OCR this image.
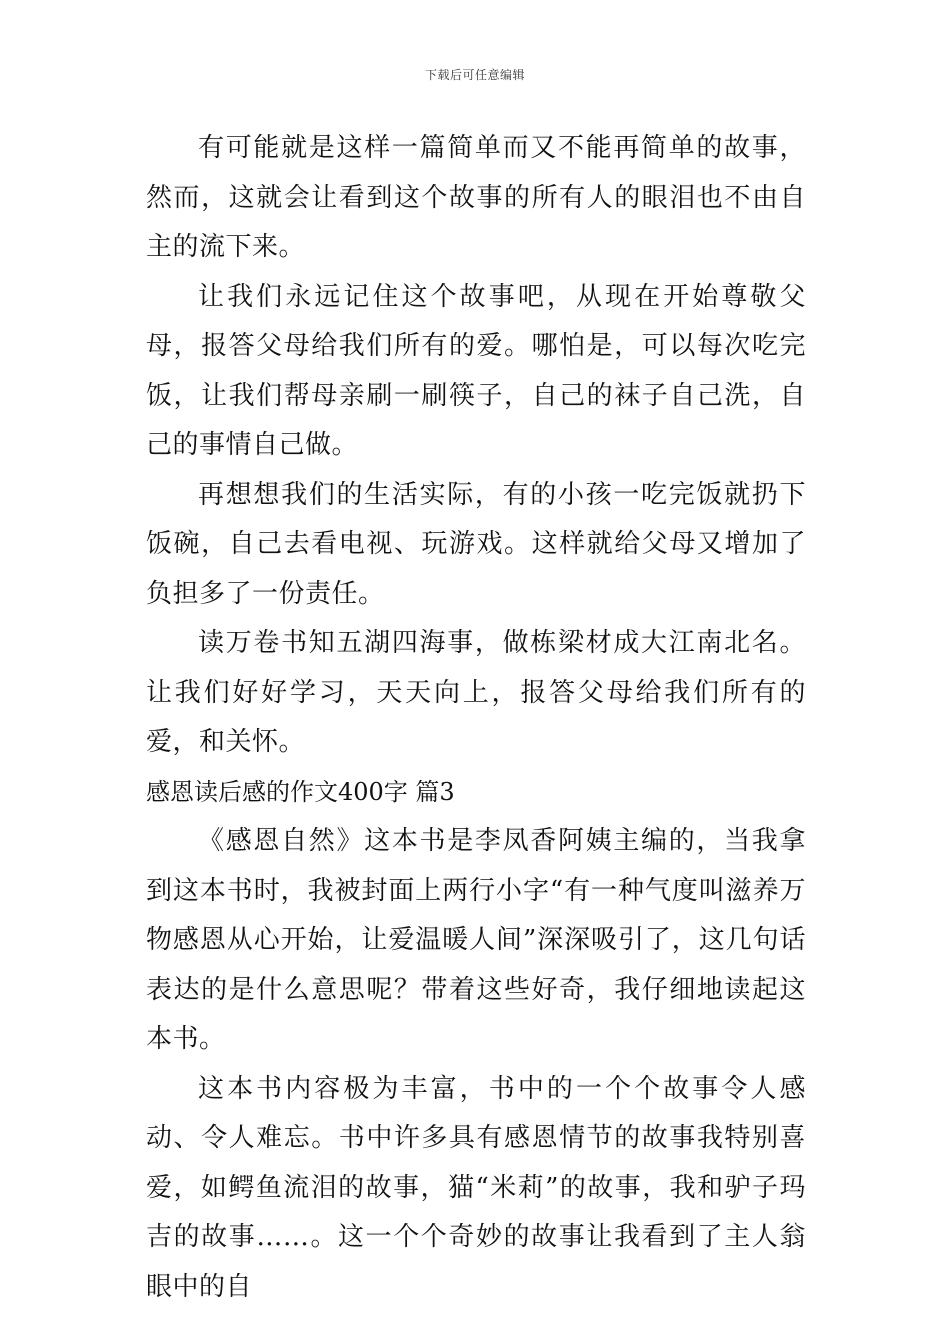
下载后可任意编辑

有可能就是这样一篇简单而又不能再简单的故事，然而，这就会让看到这个故事的所有人的眼泪也不由自主的流下来。

让我们永远记住这个故事吧，从现在开始尊敬父母，报答父母给我们所有的爱。哪怕是，可以每次吃完饭，让我们帮母亲刷一刷筷子，自己的袜子自己洗，自己的事情自己做。

再想想我们的生活实际，有的小孩一吃完饭就扔下饭碗，自己去看电视、玩游戏。这样就给父母又增加了负担多了一份责任。

读万卷书知五湖四海事，做栋梁材成大江南北名。让我们好好学习，天天向上，报答父母给我们所有的爱，和关怀。

感恩读后感的作文400字 篇3

《感恩自然》这本书是李凤香阿姨主编的，当我拿到这本书时，我被封面上两行小字“有一种气度叫滋养万物感恩从心开始，让爱温暖人间”深深吸引了，这几句话表达的是什么意思呢？带着这些好奇，我仔细地读起这本书。

这本书内容极为丰富，书中的一个个故事令人感动、令人难忘。书中许多具有感恩情节的故事我特别喜爱，如鳄鱼流泪的故事，猫“米莉”的故事，我和驴子玛吉的故事……。这一个个奇妙的故事让我看到了主人翁眼中的自
